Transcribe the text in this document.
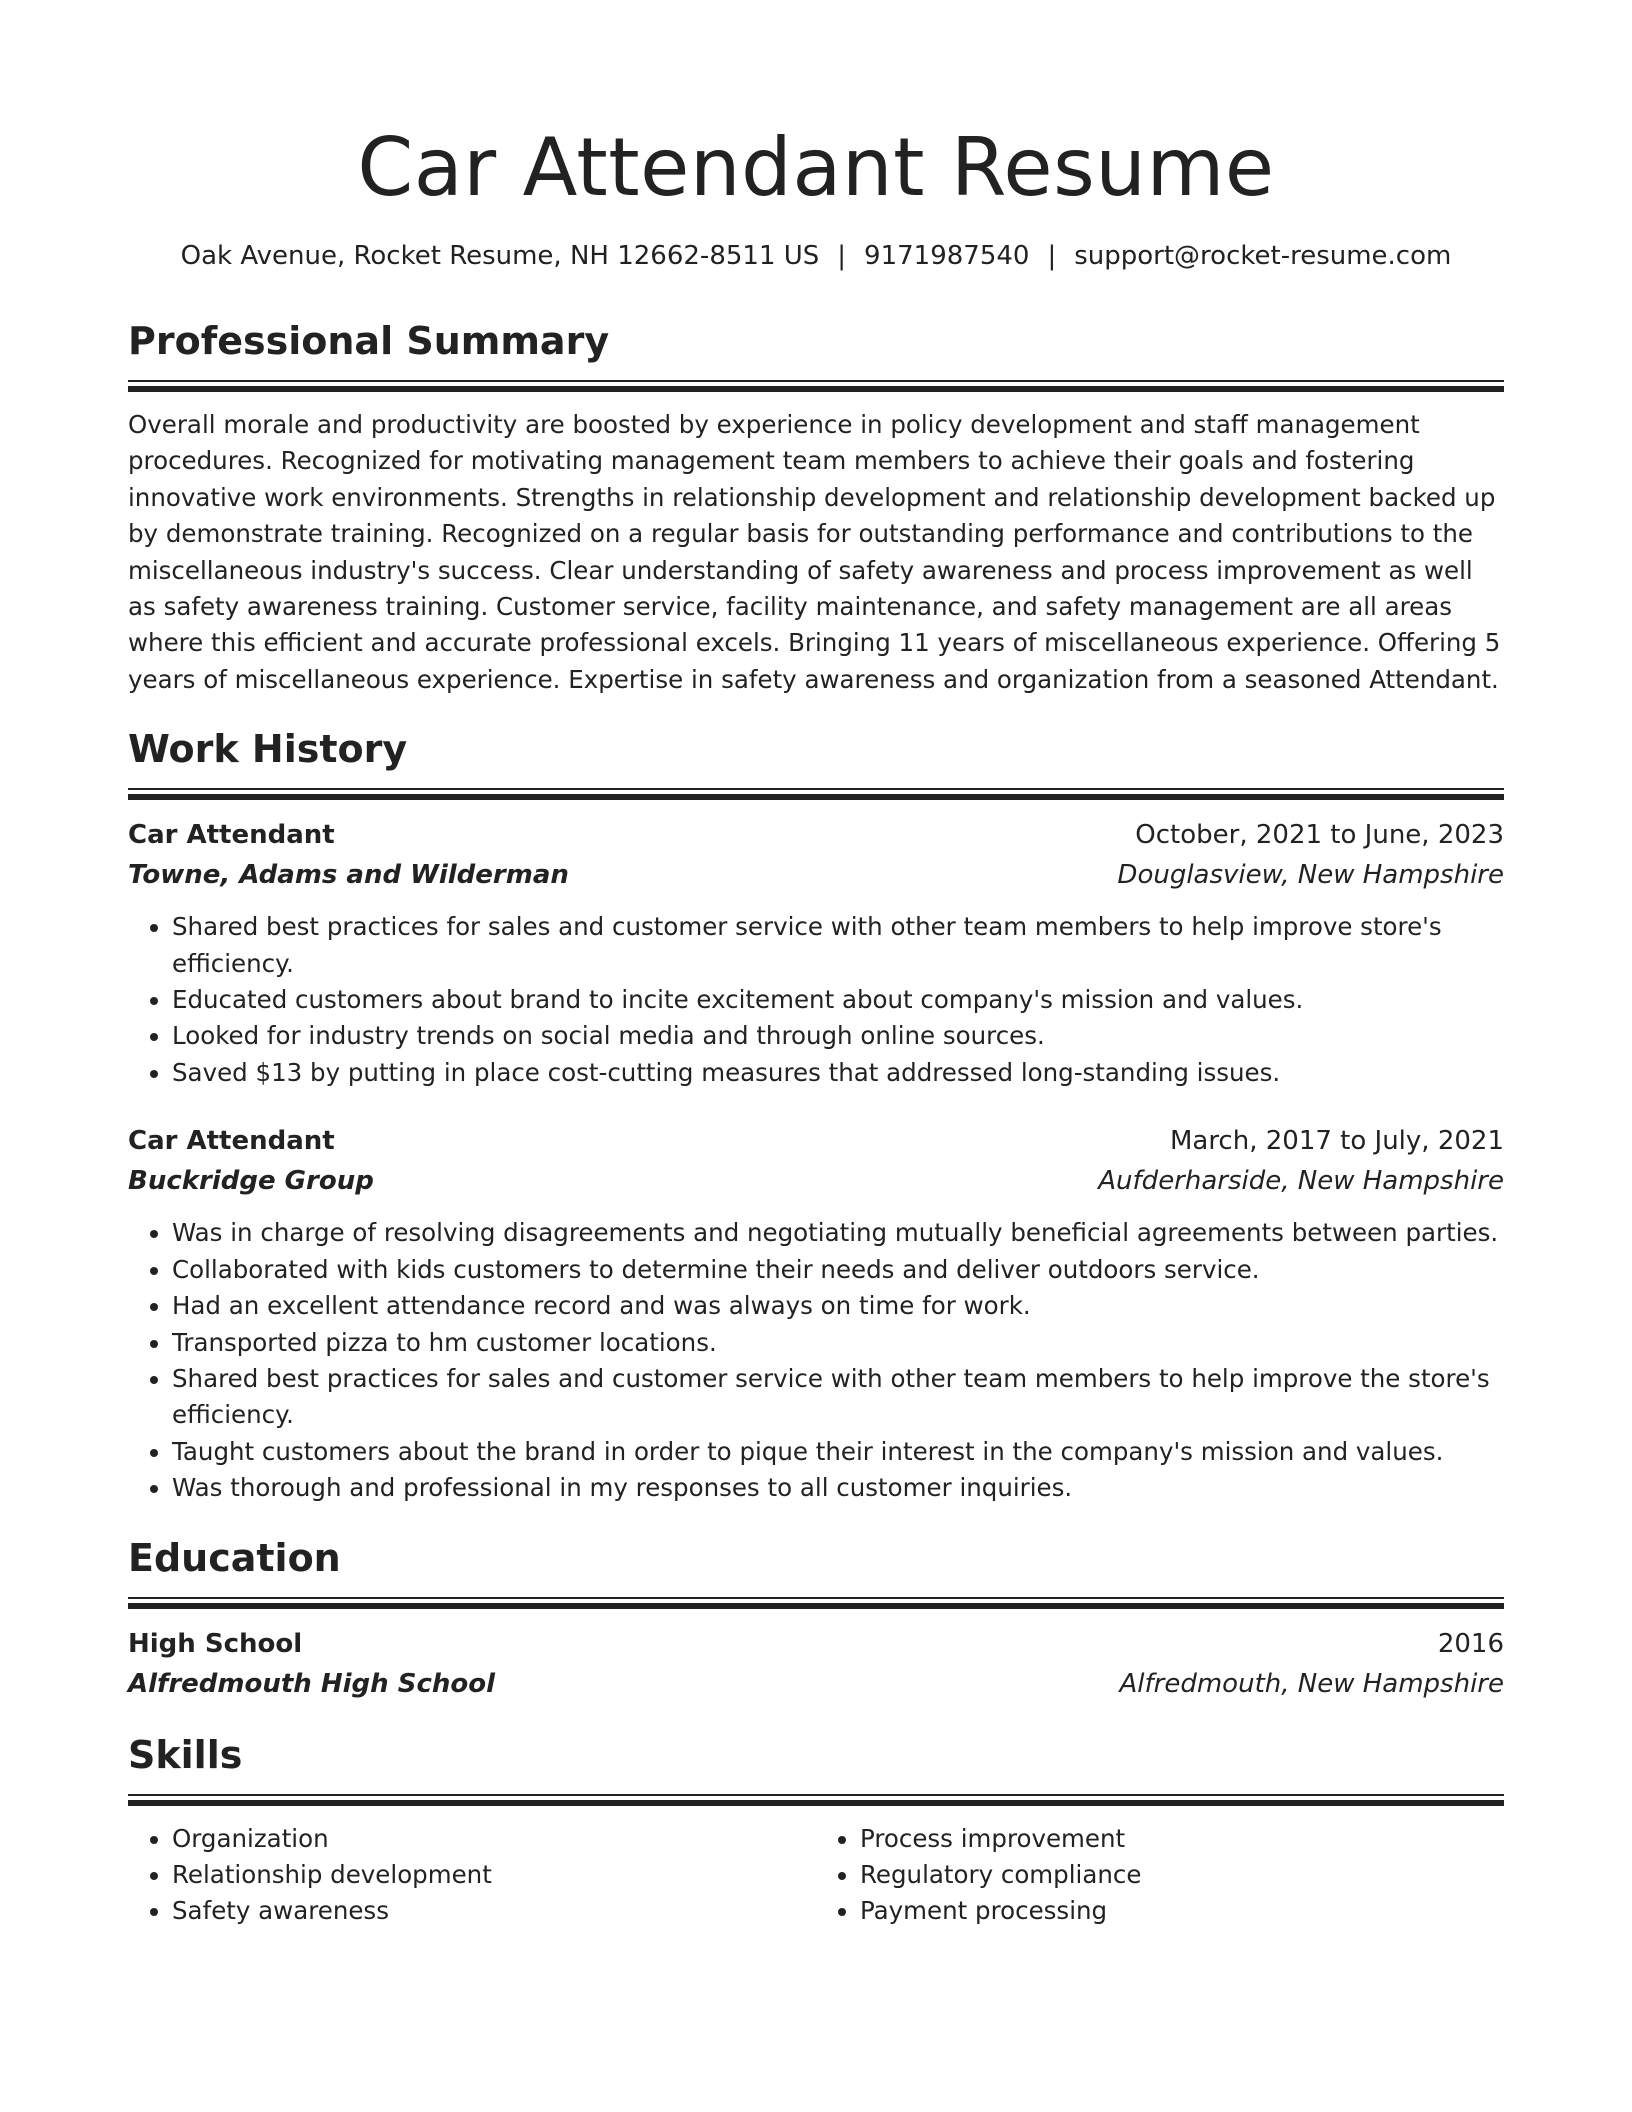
Car Attendant Resume
Oak Avenue, Rocket Resume, NH 12662-8511 US | 9171987540 | support@rocket-resume.com
Professional Summary
Overall morale and productivity are boosted by experience in policy development and staff management procedures. Recognized for motivating management team members to achieve their goals and fostering innovative work environments. Strengths in relationship development and relationship development backed up by demonstrate training. Recognized on a regular basis for outstanding performance and contributions to the miscellaneous industry's success. Clear understanding of safety awareness and process improvement as well as safety awareness training. Customer service, facility maintenance, and safety management are all areas where this efficient and accurate professional excels. Bringing 11 years of miscellaneous experience. Offering 5 years of miscellaneous experience. Expertise in safety awareness and organization from a seasoned Attendant.
Work History
Car Attendant	October, 2021 to June, 2023
Towne, Adams and Wilderman	Douglasview, New Hampshire
• Shared best practices for sales and customer service with other team members to help improve store's efficiency.
• Educated customers about brand to incite excitement about company's mission and values.
• Looked for industry trends on social media and through online sources.
• Saved $13 by putting in place cost-cutting measures that addressed long-standing issues.
Car Attendant	March, 2017 to July, 2021
Buckridge Group	Aufderharside, New Hampshire
• Was in charge of resolving disagreements and negotiating mutually beneficial agreements between parties.
• Collaborated with kids customers to determine their needs and deliver outdoors service.
• Had an excellent attendance record and was always on time for work.
• Transported pizza to hm customer locations.
• Shared best practices for sales and customer service with other team members to help improve the store's efficiency.
• Taught customers about the brand in order to pique their interest in the company's mission and values.
• Was thorough and professional in my responses to all customer inquiries.
Education
High School	2016
Alfredmouth High School	Alfredmouth, New Hampshire
Skills
• Organization
• Relationship development
• Safety awareness
• Process improvement
• Regulatory compliance
• Payment processing
